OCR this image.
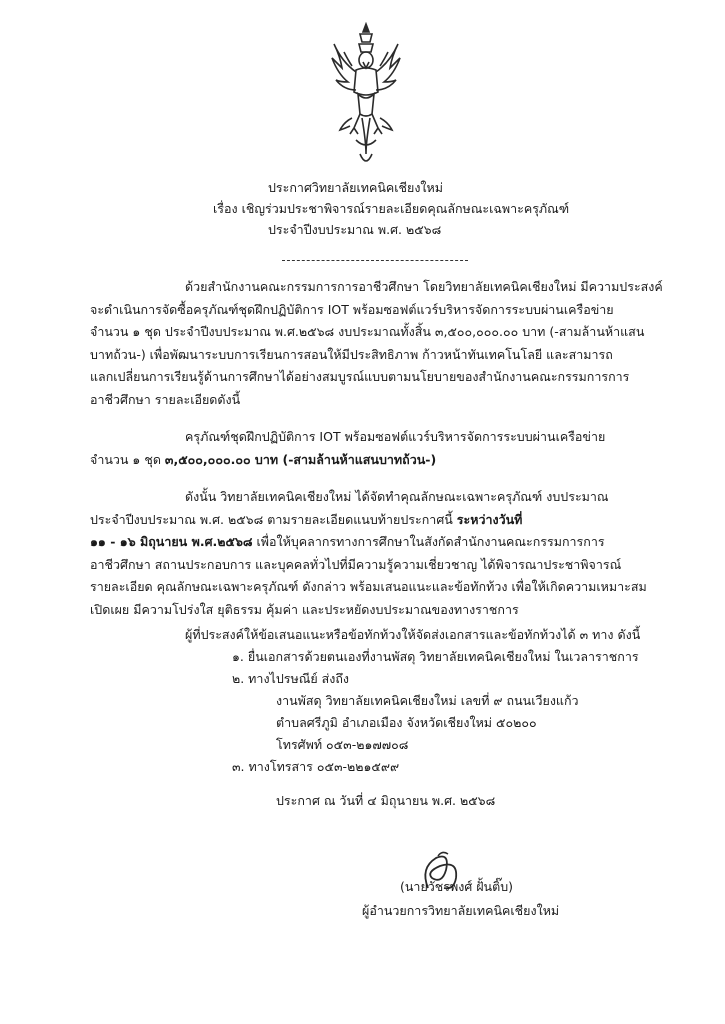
ประกาศวิทยาลัยเทคนิคเชียงใหม่
เรื่อง เชิญร่วมประชาพิจารณ์รายละเอียดคุณลักษณะเฉพาะครุภัณฑ์
ประจำปีงบประมาณ พ.ศ. ๒๕๖๘
ด้วยสำนักงานคณะกรรมการการอาชีวศึกษา โดยวิทยาลัยเทคนิคเชียงใหม่ มีความประสงค์
จะดำเนินการจัดซื้อครุภัณฑ์ชุดฝึกปฏิบัติการ IOT พร้อมซอฟต์แวร์บริหารจัดการระบบผ่านเครือข่าย
จำนวน ๑ ชุด ประจำปีงบประมาณ พ.ศ.๒๕๖๘ งบประมาณทั้งสิ้น ๓,๕๐๐,๐๐๐.๐๐ บาท (-สามล้านห้าแสน
บาทถ้วน-) เพื่อพัฒนาระบบการเรียนการสอนให้มีประสิทธิภาพ ก้าวหน้าทันเทคโนโลยี และสามารถ
แลกเปลี่ยนการเรียนรู้ด้านการศึกษาได้อย่างสมบูรณ์แบบตามนโยบายของสำนักงานคณะกรรมการการ
อาชีวศึกษา รายละเอียดดังนี้
ครุภัณฑ์ชุดฝึกปฏิบัติการ IOT พร้อมซอฟต์แวร์บริหารจัดการระบบผ่านเครือข่าย
จำนวน ๑ ชุด ๓,๕๐๐,๐๐๐.๐๐ บาท (-สามล้านห้าแสนบาทถ้วน-)
ดังนั้น วิทยาลัยเทคนิคเชียงใหม่ ได้จัดทำคุณลักษณะเฉพาะครุภัณฑ์ งบประมาณ
ประจำปีงบประมาณ พ.ศ. ๒๕๖๘ ตามรายละเอียดแนบท้ายประกาศนี้ ระหว่างวันที่
๑๑ - ๑๖ มิถุนายน พ.ศ.๒๕๖๘ เพื่อให้บุคลากรทางการศึกษาในสังกัดสำนักงานคณะกรรมการการ
อาชีวศึกษา สถานประกอบการ และบุคคลทั่วไปที่มีความรู้ความเชี่ยวชาญ ได้พิจารณาประชาพิจารณ์
รายละเอียด คุณลักษณะเฉพาะครุภัณฑ์ ดังกล่าว พร้อมเสนอแนะและข้อทักท้วง เพื่อให้เกิดความเหมาะสม
เปิดเผย มีความโปร่งใส ยุติธรรม คุ้มค่า และประหยัดงบประมาณของทางราชการ
ผู้ที่ประสงค์ให้ข้อเสนอแนะหรือข้อทักท้วงให้จัดส่งเอกสารและข้อทักท้วงได้ ๓ ทาง ดังนี้
๑. ยื่นเอกสารด้วยตนเองที่งานพัสดุ วิทยาลัยเทคนิคเชียงใหม่ ในเวลาราชการ
๒. ทางไปรษณีย์ ส่งถึง
งานพัสดุ วิทยาลัยเทคนิคเชียงใหม่ เลขที่ ๙ ถนนเวียงแก้ว
ตำบลศรีภูมิ อำเภอเมือง จังหวัดเชียงใหม่ ๕๐๒๐๐
โทรศัพท์ ๐๕๓-๒๑๗๗๐๘
๓. ทางโทรสาร ๐๕๓-๒๒๑๕๙๙
ประกาศ ณ วันที่ ๔ มิถุนายน พ.ศ. ๒๕๖๘
(นายวัชรพงศ์ ฝั้นติ๊บ)
ผู้อำนวยการวิทยาลัยเทคนิคเชียงใหม่
